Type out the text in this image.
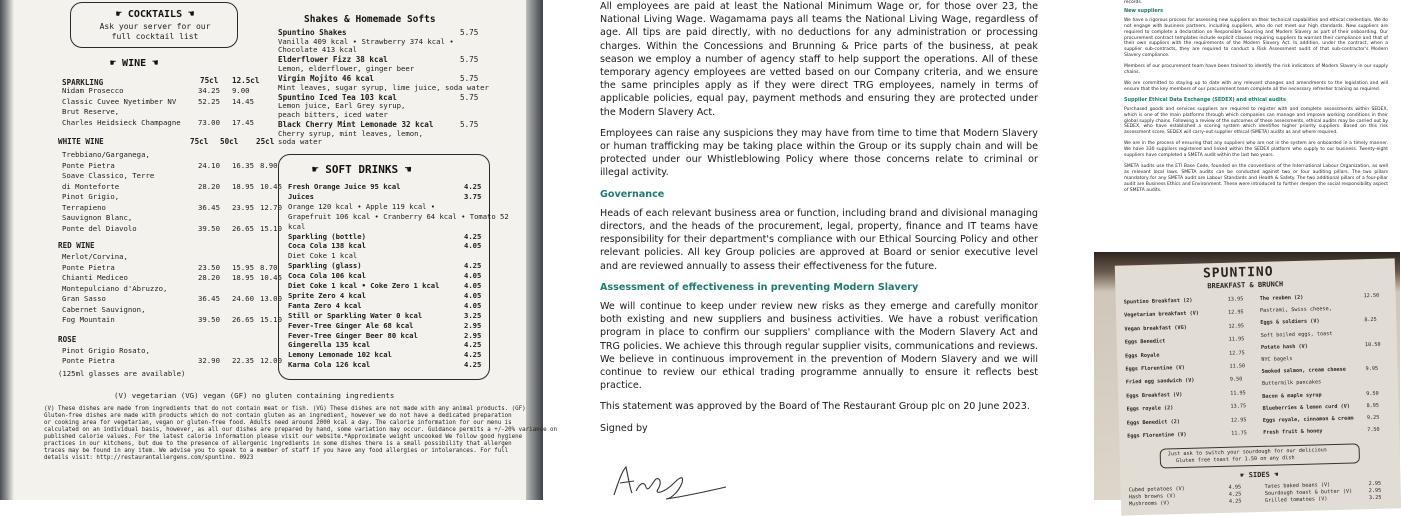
☛ COCKTAILS ☚
Ask your server for our
full cocktail list
☛ WINE ☚
SPARKLING	75cl 12.5cl
Nidam Prosecco	34.25 9.00
Classic Cuvee Nyetimber NV	52.25 14.45
Brut Reserve,
Charles Heidsieck Champagne 73.00 17.45
WHITE WINE	75cl 50cl 25cl
Trebbiano/Garganega,
Ponte Pietra	24.10 16.35 8.90
Soave Classico, Terre
di Monteforte	28.20 18.95 10.45
Pinot Grigio,
Terrapieno	36.45 23.95 12.70
Sauvignon Blanc,
Ponte del Diavolo	39.50 26.65 15.10
RED WINE
Merlot/Corvina,
Ponte Pietra	23.50 15.95 8.70
Chianti Mediceo	28.20 18.95 10.45
Montepulciano d'Abruzzo,
Gran Sasso	36.45 24.60 13.00
Cabernet Sauvignon,
Fog Mountain	39.50 26.65 15.10
ROSE
Pinot Grigio Rosato,
Ponte Pietra	32.90 22.35 12.00
(125ml glasses are available)
Shakes & Homemade Softs
Spuntino Shakes	5.75
Vanilla 409 kcal • Strawberry 374 kcal •
Chocolate 413 kcal
Elderflower Fizz 38 kcal	5.75
Lemon, elderflower, ginger beer
Virgin Mojito 46 kcal	5.75
Mint leaves, sugar syrup, lime juice, soda water
Spuntino Iced Tea 103 kcal	5.75
Lemon juice, Earl Grey syrup,
peach bitters, iced water
Black Cherry Mint Lemonade 32 kcal	5.75
Cherry syrup, mint leaves, lemon,
soda water
☛ SOFT DRINKS ☚
Fresh Orange Juice 95 kcal	4.25
Juices	3.75
Orange 120 kcal • Apple 119 kcal •
Grapefruit 106 kcal • Cranberry 64 kcal • Tomato 52
kcal
Sparkling (bottle)	4.25
Coca Cola 138 kcal	4.05
Diet Coke 1 kcal
Sparkling (glass)	4.25
Coca Cola 106 kcal	4.05
Diet Coke 1 kcal • Coke Zero 1 kcal	4.05
Sprite Zero 4 kcal	4.05
Fanta Zero 4 kcal	4.05
Still or Sparkling Water 0 kcal	3.25
Fever-Tree Ginger Ale 68 kcal	2.95
Fever-Tree Ginger Beer 80 kcal	2.95
Gingerella 135 kcal	4.25
Lemony Lemonade 102 kcal	4.25
Karma Cola 126 kcal	4.25
(V) vegetarian (VG) vegan (GF) no gluten containing ingredients
(V) These dishes are made from ingredients that do not contain meat or fish. (VG) These dishes are not made with any animal products. (GF)
Gluten-free dishes are made with products which do not contain gluten as an ingredient, however we do not have a dedicated preparation
or cooking area for vegetarian, vegan or gluten-free food. Adults need around 2000 kcal a day. The calorie information for our menu is
calculated on an individual basis, however, as all our dishes are prepared by hand, some variation may occur. Guidance permits a +/-20% variance on
published calorie values. For the latest calorie information please visit our website.*Approximate weight uncooked We follow good hygiene
practices in our kitchens, but due to the presence of allergenic ingredients in some dishes there is a small possibility that allergen
traces may be found in any item. We advise you to speak to a member of staff if you have any food allergies or intolerances. For full
details visit: http://restaurantallergens.com/spuntino. 0923

All employees are paid at least the National Minimum Wage or, for those over 23, the National Living Wage. Wagamama pays all teams the National Living Wage, regardless of age. All tips are paid directly, with no deductions for any administration or processing charges. Within the Concessions and Brunning & Price parts of the business, at peak season we employ a number of agency staff to help support the operations. All of these temporary agency employees are vetted based on our Company criteria, and we ensure the same principles apply as if they were direct TRG employees, namely in terms of applicable policies, equal pay, payment methods and ensuring they are protected under the Modern Slavery Act.

Employees can raise any suspicions they may have from time to time that Modern Slavery or human trafficking may be taking place within the Group or its supply chain and will be protected under our Whistleblowing Policy where those concerns relate to criminal or illegal activity.

Governance

Heads of each relevant business area or function, including brand and divisional managing directors, and the heads of the procurement, legal, property, finance and IT teams have responsibility for their department's compliance with our Ethical Sourcing Policy and other relevant policies. All key Group policies are approved at Board or senior executive level and are reviewed annually to assess their effectiveness for the future.

Assessment of effectiveness in preventing Modern Slavery

We will continue to keep under review new risks as they emerge and carefully monitor both existing and new suppliers and business activities. We have a robust verification program in place to confirm our suppliers' compliance with the Modern Slavery Act and TRG policies. We achieve this through regular supplier visits, communications and reviews. We believe in continuous improvement in the prevention of Modern Slavery and we will continue to review our ethical trading programme annually to ensure it reflects best practice.

This statement was approved by the Board of The Restaurant Group plc on 20 June 2023.

Signed by

records.

New suppliers

We have a rigorous process for assessing new suppliers on their technical capabilities and ethical credentials. We do not engage with business partners, including suppliers, who do not meet our high standards. New suppliers are required to complete a declaration on Responsible Sourcing and Modern Slavery as part of their onboarding. Our procurement contract templates include explicit clauses requiring suppliers to warrant their compliance and that of their own suppliers with the requirements of the Modern Slavery Act. In addition, under the contract, when a supplier sub-contracts, they are required to conduct a Risk Assessment audit of that sub-contractor's Modern Slavery compliance.

Members of our procurement team have been trained to identify the risk indicators of Modern Slavery in our supply chains.

We are committed to staying up to date with any relevant changes and amendments to the legislation and will ensure that the key members of our procurement team complete all the necessary refresher training as required.

Supplier Ethical Data Exchange (SEDEX) and ethical audits

Purchased goods and services suppliers are required to register with and complete assessments within SEDEX, which is one of the main platforms through which companies can manage and improve working conditions in their global supply chains. Following a review of the outcomes of these assessments, ethical audits may be carried out by SEDEX, who have established a scoring system which identifies higher priority suppliers. Based on this risk assessment score, SEDEX will carry-out supplier ethical (SMETA) audits as and where required.

We are in the process of ensuring that any suppliers who are not in the system are onboarded in a timely manner. We have 330 suppliers registered and linked within the SEDEX platform who supply to our business. Twenty-eight suppliers have completed a SMETA audit within the last two years.

SMETA audits use the ETI Base Code, founded on the conventions of the International Labour Organization, as well as relevant local laws. SMETA audits can be conducted against two or four auditing pillars. The two pillars mandatory for any SMETA audit are Labour Standards and Health & Safety. The two additional pillars of a four-pillar audit are Business Ethics and Environment. These were introduced to further deepen the social responsibility aspect of SMETA audits.

SPUNTINO
BREAKFAST & BRUNCH
Spuntino Breakfast (2)	13.95
Vegetarian breakfast (V)	12.95
Vegan breakfast (VG)	12.95
Eggs Benedict	11.95
Eggs Royale	12.75
Eggs Florentine (V)	11.50
Fried egg sandwich (V)	9.50
Eggs Breakfast (V)	11.95
Eggs royale (2)	13.75
Eggs Benedict (2)	12.95
Eggs Florentine (V)	11.75
The reuben (2)	12.50
Pastrami, Swiss cheese,
Eggs & soldiers (V)	8.25
Soft boiled eggs, toast
Potato hash (V)	10.50
NYC bagels
Smoked salmon, cream cheese	9.95
Buttermilk pancakes
Bacon & maple syrup	9.50
Blueberries & lemon curd (V)	8.95
Eggs royale, cinnamon & cream	9.25
Fresh fruit & honey	7.50
Just ask to switch your sourdough for our delicious
Gluten free toast for 1.50 on any dish
☛ SIDES ☚
Cubed potatoes (V)	4.95
Hash browns (V)	4.25
Mushrooms (V)	4.25
Tates baked beans (V)	2.95
Sourdough toast & butter (V)	2.95
Grilled tomatoes (V)	3.25
